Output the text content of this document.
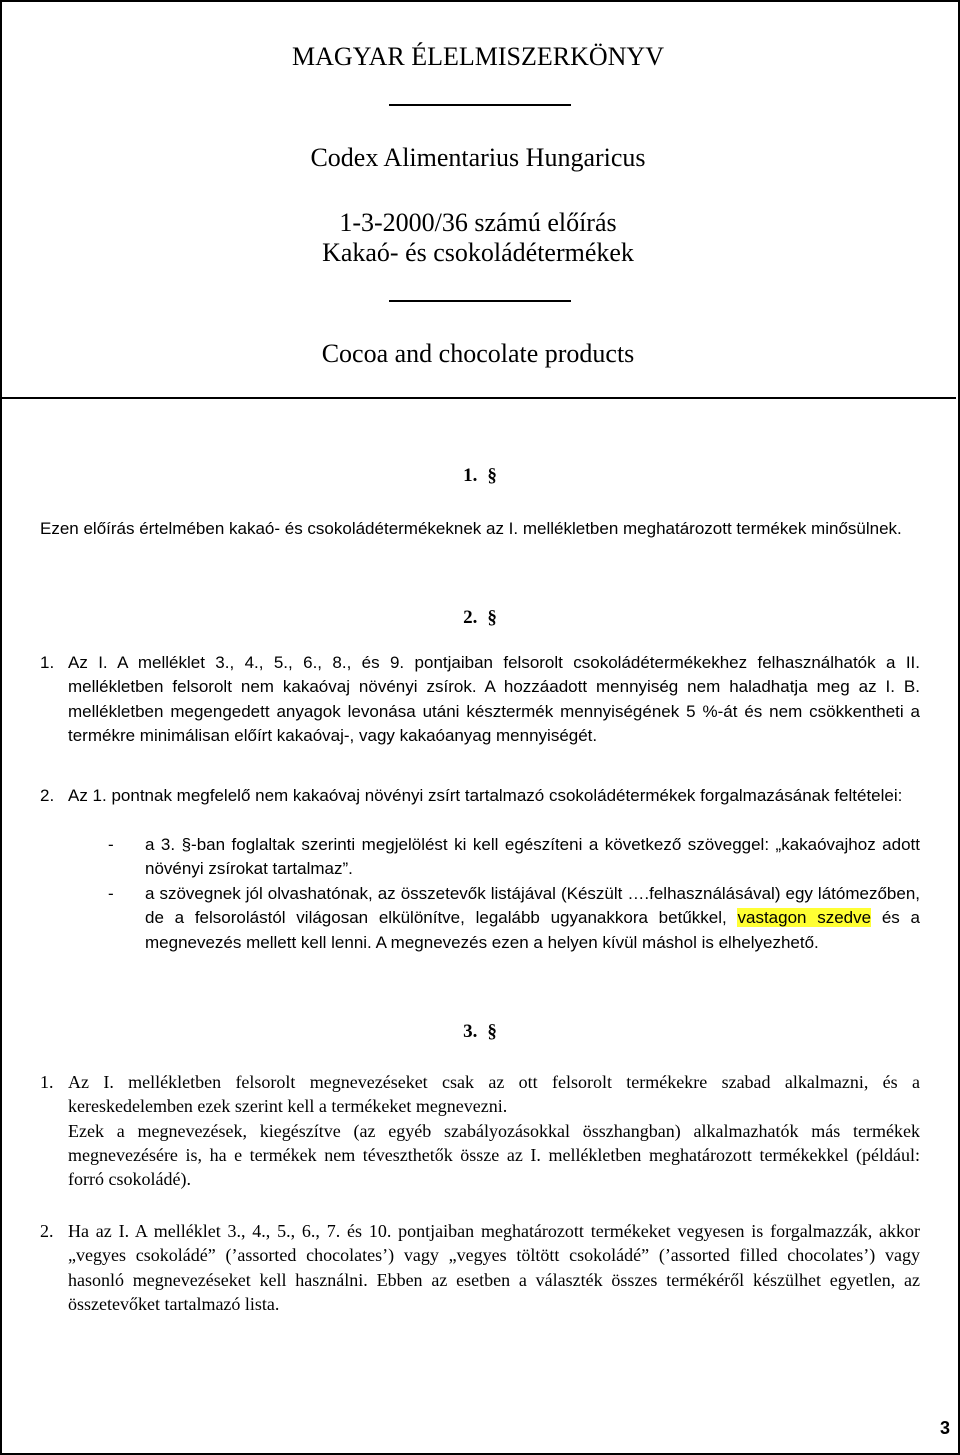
MAGYAR ÉLELMISZERKÖNYV
Codex Alimentarius Hungaricus
1-3-2000/36 számú előírás
Kakaó- és csokoládétermékek
Cocoa and chocolate products
1. §
Ezen előírás értelmében kakaó- és csokoládétermékeknek az I. mellékletben meghatározott termékek minősülnek.
2. §
1. Az I. A melléklet 3., 4., 5., 6., 8., és 9. pontjaiban felsorolt csokoládétermékekhez felhasználhatók a II. mellékletben felsorolt nem kakaóvaj növényi zsírok. A hozzáadott mennyiség nem haladhatja meg az I. B. mellékletben megengedett anyagok levonása utáni késztermék mennyiségének 5 %-át és nem csökkentheti a termékre minimálisan előírt kakaóvaj-, vagy kakaóanyag mennyiségét.
2. Az 1. pontnak megfelelő nem kakaóvaj növényi zsírt tartalmazó csokoládétermékek forgalmazásának feltételei:
- a 3. §-ban foglaltak szerinti megjelölést ki kell egészíteni a következő szöveggel: „kakaóvajhoz adott növényi zsírokat tartalmaz”.
- a szövegnek jól olvashatónak, az összetevők listájával (Készült ….felhasználásával) egy látómezőben, de a felsorolástól világosan elkülönítve, legalább ugyanakkora betűkkel, vastagon szedve és a megnevezés mellett kell lenni. A megnevezés ezen a helyen kívül máshol is elhelyezhető.
3. §
1. Az I. mellékletben felsorolt megnevezéseket csak az ott felsorolt termékekre szabad alkalmazni, és a kereskedelemben ezek szerint kell a termékeket megnevezni.
Ezek a megnevezések, kiegészítve (az egyéb szabályozásokkal összhangban) alkalmazhatók más termékek megnevezésére is, ha e termékek nem téveszthetők össze az I. mellékletben meghatározott termékekkel (például: forró csokoládé).
2. Ha az I. A melléklet 3., 4., 5., 6., 7. és 10. pontjaiban meghatározott termékeket vegyesen is forgalmazzák, akkor „vegyes csokoládé” (’assorted chocolates’) vagy „vegyes töltött csokoládé” (’assorted filled chocolates’) vagy hasonló megnevezéseket kell használni. Ebben az esetben a választék összes termékéről készülhet egyetlen, az összetevőket tartalmazó lista.
3
